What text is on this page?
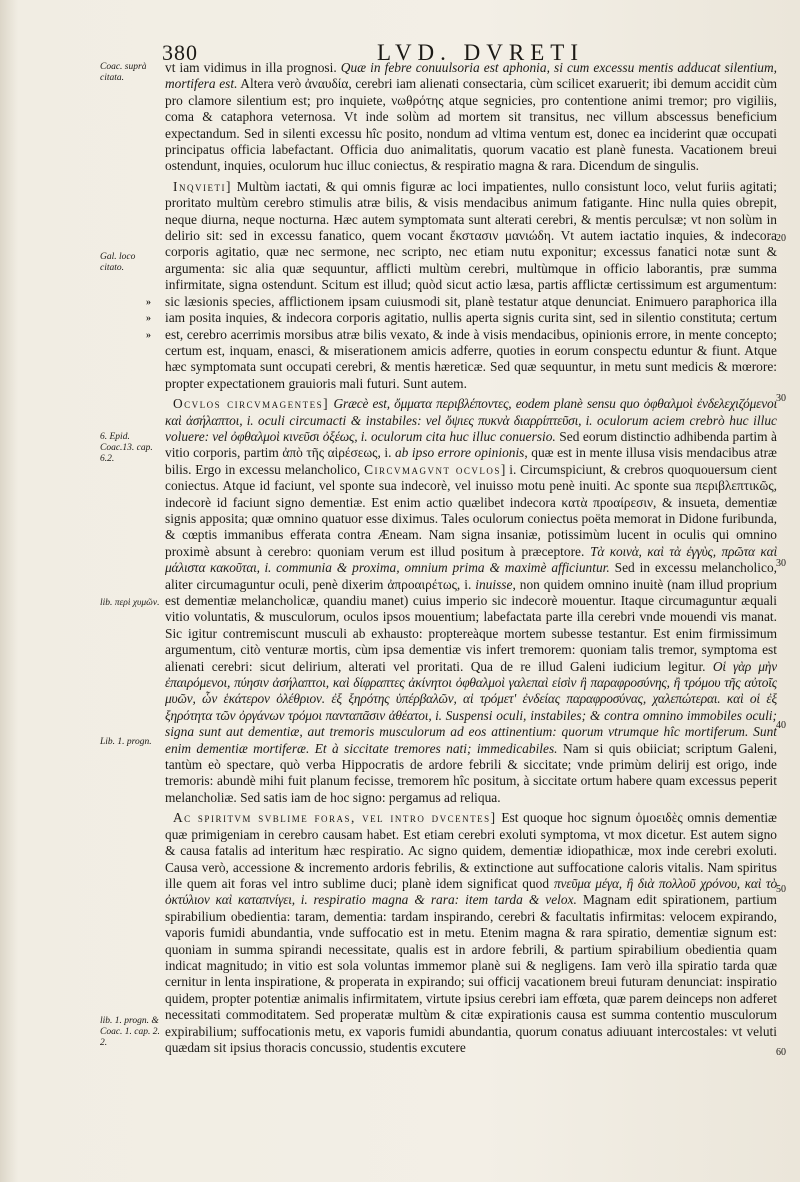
380	LVD. DVRETI
Coac. suprà citata.
Gal. loco citato.
»
»
»
6. Epid. Coac.13. cap. 6.2.
lib. περὶ χυμῶν.
Lib. 1. progn.
lib. 1. progn. & Coac. 1. cap. 2. 2.
20
30
30
40
50
60

vt iam vidimus in illa prognosi. Quæ in febre conuulsoria est aphonia, si cum excessu mentis adducat silentium, mortifera est. Altera verò ἀναυδία, cerebri iam alienati consectaria, cùm scilicet exaruerit; ibi demum accidit cùm pro clamore silentium est; pro inquiete, νωθρότης atque segnicies, pro contentione animi tremor; pro vigiliis, coma & cataphora veternosa. Vt inde solùm ad mortem sit transitus, nec villum abscessus beneficium expectandum. Sed in silenti excessu hîc posito, nondum ad vltima ventum est, donec ea inciderint quæ occupati principatus officia labefactant. Officia duo animalitatis, quorum vacatio est planè funesta. Vacationem breui ostendunt, inquies, oculorum huc illuc coniectus, & respiratio magna & rara. Dicendum de singulis.

Inqvieti] Multùm iactati, & qui omnis figuræ ac loci impatientes, nullo consistunt loco, velut furiis agitati; proritato multùm cerebro stimulis atræ bilis, & visis mendacibus animum fatigante. Hinc nulla quies obrepit, neque diurna, neque nocturna. Hæc autem symptomata sunt alterati cerebri, & mentis perculsæ; vt non solùm in delirio sit: sed in excessu fanatico, quem vocant ἔκστασιν μανιώδη. Vt autem iactatio inquies, & indecora corporis agitatio, quæ nec sermone, nec scripto, nec etiam nutu exponitur; excessus fanatici notæ sunt & argumenta: sic alia quæ sequuntur, afflicti multùm cerebri, multùmque in officio laborantis, præ summa infirmitate, signa ostendunt. Scitum est illud; quòd sicut actio læsa, partis afflictæ certissimum est argumentum: sic læsionis species, afflictionem ipsam cuiusmodi sit, planè testatur atque denunciat. Enimuero paraphorica illa iam posita inquies, & indecora corporis agitatio, nullis aperta signis curita sint, sed in silentio constituta; certum est, cerebro acerrimis morsibus atræ bilis vexato, & inde à visis mendacibus, opinionis errore, in mente concepto; certum est, inquam, enasci, & miserationem amicis adferre, quoties in eorum conspectu eduntur & fiunt. Atque hæc symptomata sunt occupati cerebri, & mentis hæreticæ. Sed quæ sequuntur, in metu sunt medicis & mœrore: propter expectationem grauioris mali futuri. Sunt autem.

Ocvlos circvmagentes] Græcè est, ὄμματα περιβλέποντες, eodem planè sensu quo ὀφθαλμοὶ ἐνδελεχιζόμενοι καὶ ἀσήλαπτοι, i. oculi circumacti & instabiles: vel ὄψιες πυκνὰ διαρρίπτεῦσι, i. oculorum aciem crebrò huc illuc voluere: vel ὀφθαλμοὶ κινεῦσι ὀξέως, i. oculorum cita huc illuc conuersio. Sed eorum distinctio adhibenda partim à vitio corporis, partim ἀπὸ τῆς αἱρέσεως, i. ab ipso errore opinionis, quæ est in mente illusa visis mendacibus atræ bilis. Ergo in excessu melancholico, Circvmagvnt ocvlos] i. Circumspiciunt, & crebros quoquouersum cient coniectus. Atque id faciunt, vel sponte sua indecorè, vel inuisso motu penè inuiti. Ac sponte sua περιβλεπτικῶς, indecorè id faciunt signo dementiæ. Est enim actio quælibet indecora κατὰ προαίρεσιν, & insueta, dementiæ signis apposita; quæ omnino quatuor esse diximus. Tales oculorum coniectus poëta memorat in Didone furibunda, & cœptis immanibus efferata contra Æneam. Nam signa insaniæ, potissimùm lucent in oculis qui omnino proximè absunt à cerebro: quoniam verum est illud positum à præceptore. Τὰ κοινὰ, καὶ τὰ ἐγγὺς, πρῶτα καὶ μάλιστα κακοῦται, i. communia & proxima, omnium prima & maximè afficiuntur. Sed in excessu melancholico, aliter circumaguntur oculi, penè dixerim ἀπροαιρέτως, i. inuisse, non quidem omnino inuitè (nam illud proprium est dementiæ melancholicæ, quandiu manet) cuius imperio sic indecorè mouentur. Itaque circumaguntur æquali vitio voluntatis, & musculorum, oculos ipsos mouentium; labefactata parte illa cerebri vnde mouendi vis manat. Sic igitur contremiscunt musculi ab exhausto: proptereàque mortem subesse testantur. Est enim firmissimum argumentum, citò venturæ mortis, cùm ipsa dementiæ vis infert tremorem: quoniam talis tremor, symptoma est alienati cerebri: sicut delirium, alterati vel proritati. Qua de re illud Galeni iudicium legitur. Οἱ γὰρ μὴν ἐπαιρόμενοι, πύησιν ἀσήλαπτοι, καὶ δίφραπτες ἀκίνητοι ὀφθαλμοὶ γαλεπαὶ εἰσὶν ἢ παραφροσύνης, ἢ τρόμου τῆς αὐτοῖς μυῶν, ὧν ἑκάτερον ὀλέθριον. ἐξ ξηρότης ὑπέρβαλῶν, αἱ τρόμετ' ἐνδείας παραφροσύνας, χαλεπώτεραι. καὶ οἱ ἐξ ξηρότητα τῶν ὀργάνων τρόμοι πανταπᾶσιν ἀθέατοι, i. Suspensi oculi, instabiles; & contra omnino immobiles oculi; signa sunt aut dementiæ, aut tremoris musculorum ad eos attinentium: quorum vtrumque hîc mortiferum. Sunt enim dementiæ mortiferæ. Et à siccitate tremores nati; immedicabiles. Nam si quis obiiciat; scriptum Galeni, tantùm eò spectare, quò verba Hippocratis de ardore febrili & siccitate; vnde primùm delirij est origo, inde tremoris: abundè mihi fuit planum fecisse, tremorem hîc positum, à siccitate ortum habere quam excessus peperit melancholiæ. Sed satis iam de hoc signo: pergamus ad reliqua.

Ac spiritvm svblime foras, vel intro dvcentes] Est quoque hoc signum ὁμοειδὲς omnis dementiæ quæ primigeniam in cerebro causam habet. Est etiam cerebri exoluti symptoma, vt mox dicetur. Est autem signo & causa fatalis ad interitum hæc respiratio. Ac signo quidem, dementiæ idiopathicæ, mox inde cerebri exoluti. Causa verò, accessione & incremento ardoris febrilis, & extinctione aut suffocatione caloris vitalis. Nam spiritus ille quem ait foras vel intro sublime duci; planè idem significat quod πνεῦμα μέγα, ἢ διὰ πολλοῦ χρόνου, καὶ τὸ ὀκτύλιον καὶ καταπνίγει, i. respiratio magna & rara: item tarda & velox. Magnam edit spirationem, partium spirabilium obedientia: taram, dementia: tardam inspirando, cerebri & facultatis infirmitas: velocem expirando, vaporis fumidi abundantia, vnde suffocatio est in metu. Etenim magna & rara spiratio, dementiæ signum est: quoniam in summa spirandi necessitate, qualis est in ardore febrili, & partium spirabilium obedientia quam indicat magnitudo; in vitio est sola voluntas immemor planè sui & negligens. Iam verò illa spiratio tarda quæ cernitur in lenta inspiratione, & properata in expirando; sui officij vacationem breui futuram denunciat: inspiratio quidem, propter potentiæ animalis infirmitatem, virtute ipsius cerebri iam effœta, quæ parem deinceps non adferet necessitati commoditatem. Sed properatæ multùm & citæ expirationis causa est summa contentio musculorum expirabilium; suffocationis metu, ex vaporis fumidi abundantia, quorum conatus adiuuant intercostales: vt veluti quædam sit ipsius thoracis concussio, studentis excutere
